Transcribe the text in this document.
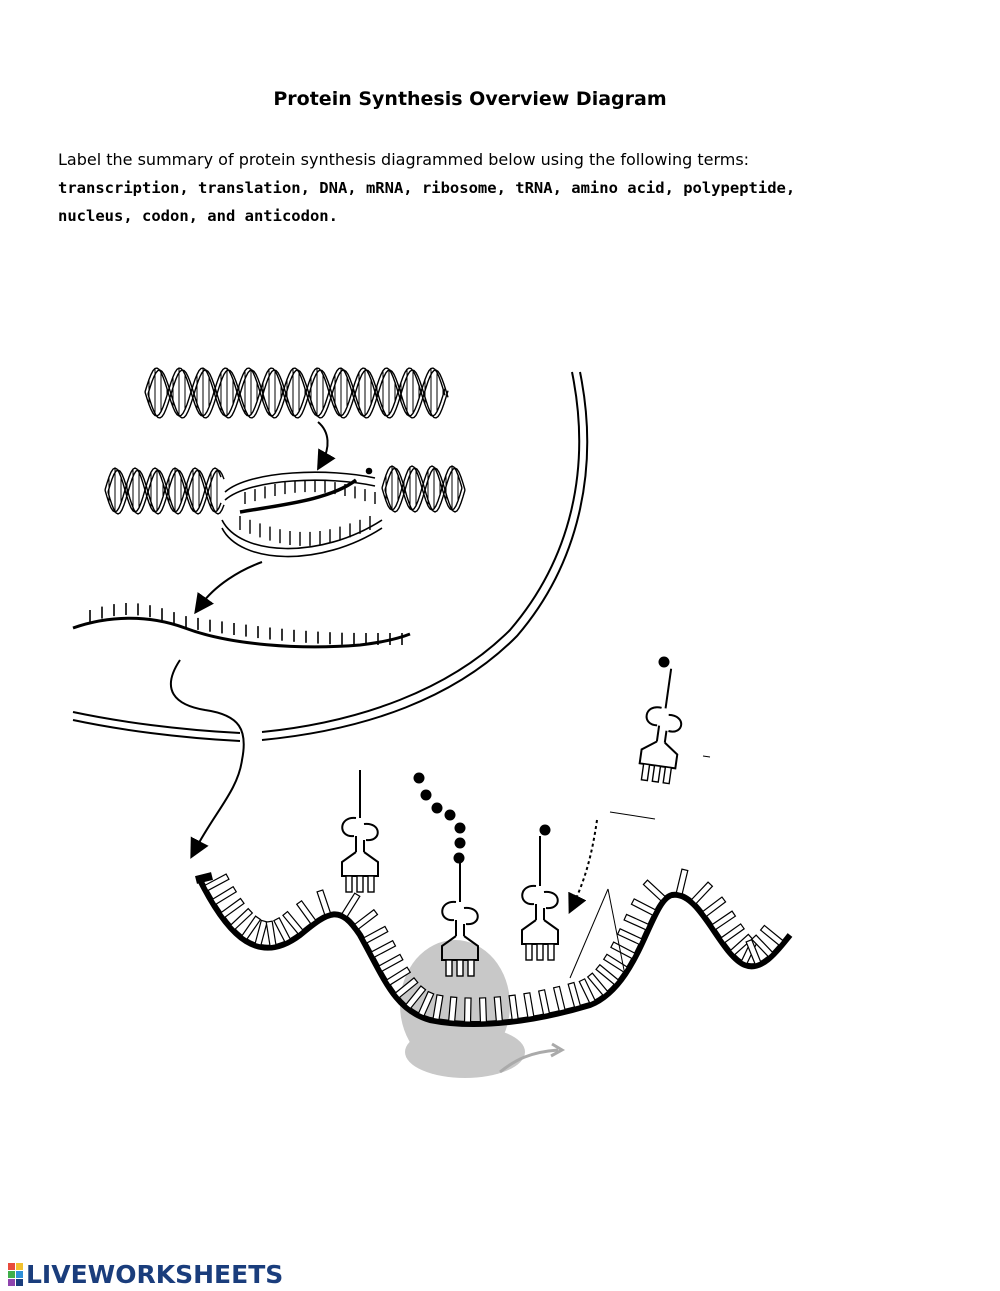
Protein Synthesis Overview Diagram
Label the summary of protein synthesis diagrammed below using the following terms:
transcription, translation, DNA, mRNA, ribosome, tRNA, amino acid, polypeptide,
nucleus, codon, and anticodon.
LIVEWORKSHEETS
